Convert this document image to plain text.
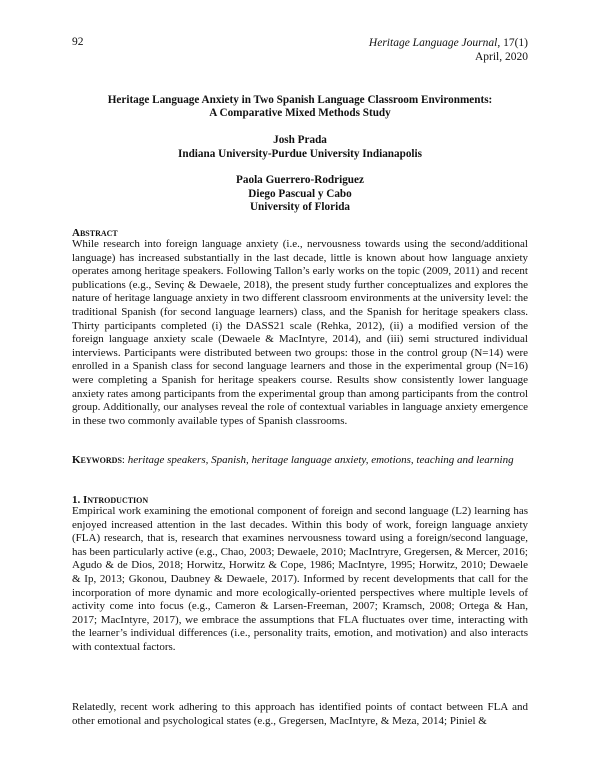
92	Heritage Language Journal, 17(1)
April, 2020
Heritage Language Anxiety in Two Spanish Language Classroom Environments:
A Comparative Mixed Methods Study
Josh Prada
Indiana University-Purdue University Indianapolis
Paola Guerrero-Rodriguez
Diego Pascual y Cabo
University of Florida
Abstract
While research into foreign language anxiety (i.e., nervousness towards using the second/additional language) has increased substantially in the last decade, little is known about how language anxiety operates among heritage speakers. Following Tallon’s early works on the topic (2009, 2011) and recent publications (e.g., Sevinç & Dewaele, 2018), the present study further conceptualizes and explores the nature of heritage language anxiety in two different classroom environments at the university level: the traditional Spanish (for second language learners) class, and the Spanish for heritage speakers class. Thirty participants completed (i) the DASS21 scale (Rehka, 2012), (ii) a modified version of the foreign language anxiety scale (Dewaele & MacIntyre, 2014), and (iii) semi structured individual interviews. Participants were distributed between two groups: those in the control group (N=14) were enrolled in a Spanish class for second language learners and those in the experimental group (N=16) were completing a Spanish for heritage speakers course. Results show consistently lower language anxiety rates among participants from the experimental group than among participants from the control group. Additionally, our analyses reveal the role of contextual variables in language anxiety emergence in these two commonly available types of Spanish classrooms.
Keywords: heritage speakers, Spanish, heritage language anxiety, emotions, teaching and learning
1. Introduction
Empirical work examining the emotional component of foreign and second language (L2) learning has enjoyed increased attention in the last decades. Within this body of work, foreign language anxiety (FLA) research, that is, research that examines nervousness toward using a foreign/second language, has been particularly active (e.g., Chao, 2003; Dewaele, 2010; MacIntryre, Gregersen, & Mercer, 2016; Agudo & de Dios, 2018; Horwitz, Horwitz & Cope, 1986; MacIntyre, 1995; Horwitz, 2010; Dewaele & Ip, 2013; Gkonou, Daubney & Dewaele, 2017). Informed by recent developments that call for the incorporation of more dynamic and more ecologically-oriented perspectives where multiple levels of activity come into focus (e.g., Cameron & Larsen-Freeman, 2007; Kramsch, 2008; Ortega & Han, 2017; MacIntyre, 2017), we embrace the assumptions that FLA fluctuates over time, interacting with the learner’s individual differences (i.e., personality traits, emotion, and motivation) and also interacts with contextual factors.
Relatedly, recent work adhering to this approach has identified points of contact between FLA and other emotional and psychological states (e.g., Gregersen, MacIntyre, & Meza, 2014; Piniel &
